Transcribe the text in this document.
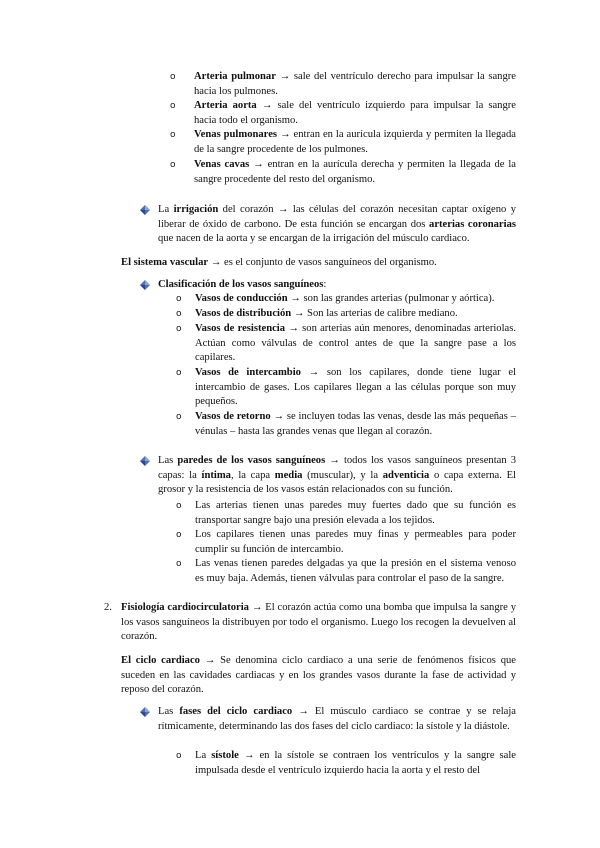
o Arteria pulmonar → sale del ventrículo derecho para impulsar la sangre hacia los pulmones.

o Arteria aorta → sale del ventrículo izquierdo para impulsar la sangre hacia todo el organismo.

o Venas pulmonares → entran en la aurícula izquierda y permiten la llegada de la sangre procedente de los pulmones.

o Venas cavas → entran en la aurícula derecha y permiten la llegada de la sangre procedente del resto del organismo.

La irrigación del corazón → las células del corazón necesitan captar oxígeno y liberar de óxido de carbono. De esta función se encargan dos arterias coronarias que nacen de la aorta y se encargan de la irrigación del músculo cardiaco.

El sistema vascular → es el conjunto de vasos sanguíneos del organismo.

Clasificación de los vasos sanguíneos:

o Vasos de conducción → son las grandes arterias (pulmonar y aórtica).

o Vasos de distribución → Son las arterias de calibre mediano.

o Vasos de resistencia → son arterias aún menores, denominadas arteriolas. Actúan como válvulas de control antes de que la sangre pase a los capilares.

o Vasos de intercambio → son los capilares, donde tiene lugar el intercambio de gases. Los capilares llegan a las células porque son muy pequeños.

o Vasos de retorno → se incluyen todas las venas, desde las más pequeñas – vénulas – hasta las grandes venas que llegan al corazón.

Las paredes de los vasos sanguíneos → todos los vasos sanguíneos presentan 3 capas: la íntima, la capa media (muscular), y la adventicia o capa externa. El grosor y la resistencia de los vasos están relacionados con su función.

o Las arterias tienen unas paredes muy fuertes dado que su función es transportar sangre bajo una presión elevada a los tejidos.

o Los capilares tienen unas paredes muy finas y permeables para poder cumplir su función de intercambio.

o Las venas tienen paredes delgadas ya que la presión en el sistema venoso es muy baja. Además, tienen válvulas para controlar el paso de la sangre.

2. Fisiología cardiocirculatoria → El corazón actúa como una bomba que impulsa la sangre y los vasos sanguíneos la distribuyen por todo el organismo. Luego los recogen la devuelven al corazón.

El ciclo cardiaco → Se denomina ciclo cardiaco a una serie de fenómenos físicos que suceden en las cavidades cardiacas y en los grandes vasos durante la fase de actividad y reposo del corazón.

Las fases del ciclo cardiaco → El músculo cardiaco se contrae y se relaja rítmicamente, determinando las dos fases del ciclo cardiaco: la sístole y la diástole.

o La sístole → en la sístole se contraen los ventrículos y la sangre sale impulsada desde el ventrículo izquierdo hacia la aorta y el resto del
